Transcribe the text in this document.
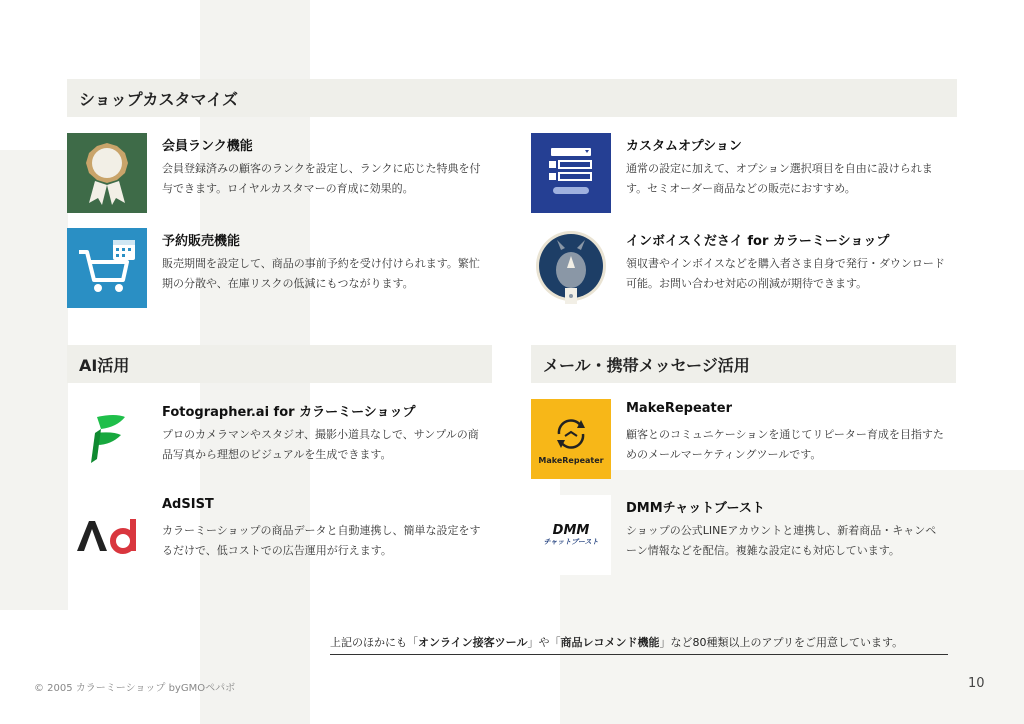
ショップカスタマイズ
AI活用	メール・携帯メッセージ活用
会員ランク機能
会員登録済みの顧客のランクを設定し、ランクに応じた特典を付与できます。ロイヤルカスタマーの育成に効果的。
予約販売機能
販売期間を設定して、商品の事前予約を受け付けられます。繁忙期の分散や、在庫リスクの低減にもつながります。
カスタムオプション
通常の設定に加えて、オプション選択項目を自由に設けられます。セミオーダー商品などの販売におすすめ。
インボイスくださイ for カラーミーショップ
領収書やインボイスなどを購入者さま自身で発行・ダウンロード可能。お問い合わせ対応の削減が期待できます。
Fotographer.ai for カラーミーショップ
プロのカメラマンやスタジオ、撮影小道具なしで、サンプルの商品写真から理想のビジュアルを生成できます。
AdSIST
カラーミーショップの商品データと自動連携し、簡単な設定をするだけで、低コストでの広告運用が行えます。
MakeRepeater
MakeRepeater
顧客とのコミュニケーションを通じてリピーター育成を目指すためのメールマーケティングツールです。
DMM
チャットブースト
DMMチャットブースト
ショップの公式LINEアカウントと連携し、新着商品・キャンペーン情報などを配信。複雑な設定にも対応しています。
上記のほかにも「オンライン接客ツール」や「商品レコメンド機能」など80種類以上のアプリをご用意しています。
© 2005 カラーミーショップ byGMOペパボ	10
